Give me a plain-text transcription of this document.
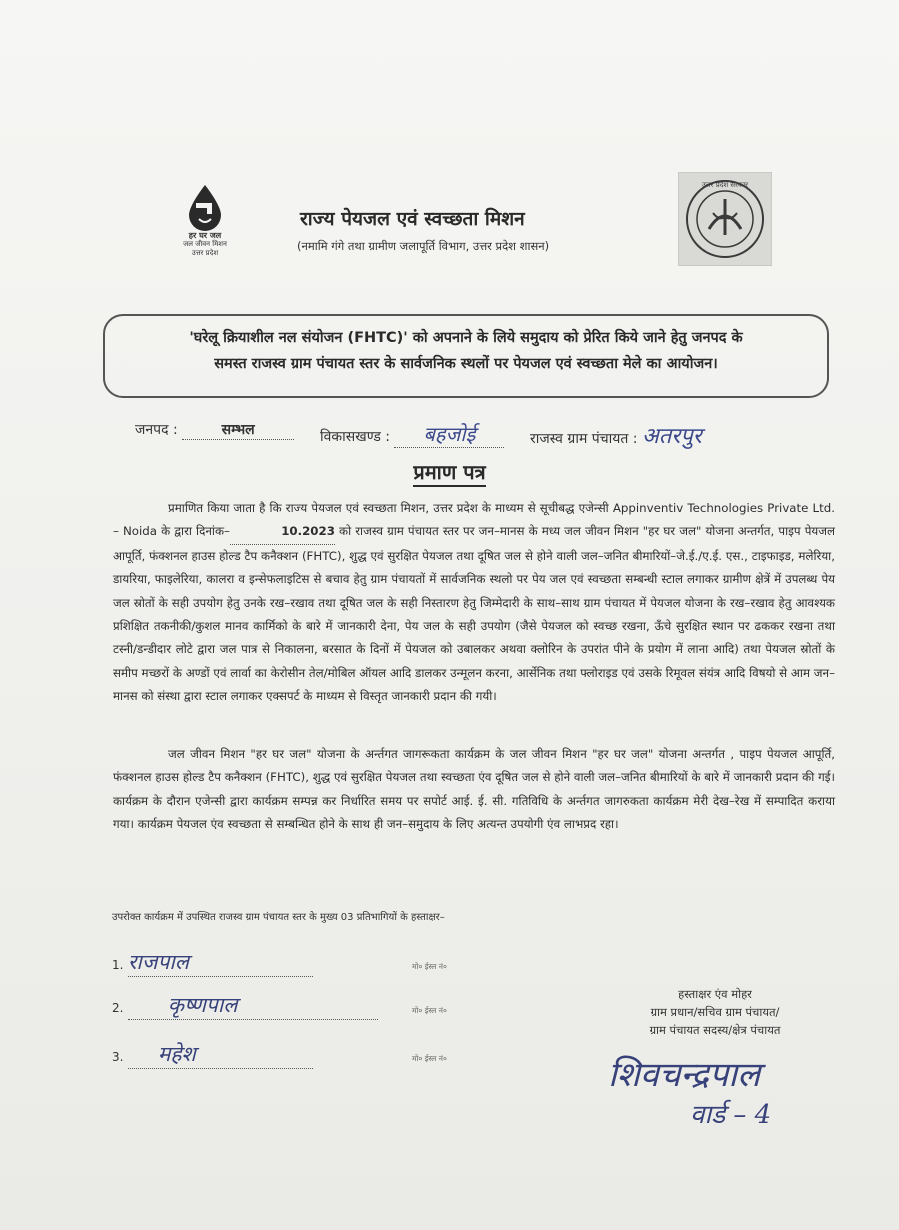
हर घर जल
जल जीवन मिशन
उत्तर प्रदेश
राज्य पेयजल एवं स्वच्छता मिशन
(नमामि गंगे तथा ग्रामीण जलापूर्ति विभाग, उत्तर प्रदेश शासन)
उत्तर प्रदेश सरकार
'घरेलू क्रियाशील नल संयोजन (FHTC)' को अपनाने के लिये समुदाय को प्रेरित किये जाने हेतु जनपद के
समस्त राजस्व ग्राम पंचायत स्तर के सार्वजनिक स्थलों पर पेयजल एवं स्वच्छता मेले का आयोजन।
जनपद :	सम्भल	विकासखण्ड : बहजोई	राजस्व ग्राम पंचायत : अतरपुर
प्रमाण पत्र
प्रमाणित किया जाता है कि राज्य पेयजल एवं स्वच्छता मिशन, उत्तर प्रदेश के माध्यम से सूचीबद्ध एजेन्सी Appinventiv Technologies Private Ltd. – Noida के द्वारा दिनांक–	10.2023 को राजस्व ग्राम पंचायत स्तर पर जन–मानस के मध्य जल जीवन मिशन "हर घर जल" योजना अन्तर्गत, पाइप पेयजल आपूर्ति, फंक्शनल हाउस होल्ड टैप कनैक्शन (FHTC), शुद्ध एवं सुरक्षित पेयजल तथा दूषित जल से होने वाली जल–जनित बीमारियों–जे.ई./ए.ई. एस., टाइफाइड, मलेरिया, डायरिया, फाइलेरिया, कालरा व इन्सेफलाइटिस से बचाव हेतु ग्राम पंचायतों में सार्वजनिक स्थलो पर पेय जल एवं स्वच्छता सम्बन्धी स्टाल लगाकर ग्रामीण क्षेत्रें में उपलब्ध पेय जल स्रोतों के सही उपयोग हेतु उनके रख–रखाव तथा दूषित जल के सही निस्तारण हेतु जिम्मेदारी के साथ–साथ ग्राम पंचायत में पेयजल योजना के रख–रखाव हेतु आवश्यक प्रशिक्षित तकनीकी/कुशल मानव कार्मिको के बारे में जानकारी देना, पेय जल के सही उपयोग (जैसे पेयजल को स्वच्छ रखना, ऊँचे सुरक्षित स्थान पर ढककर रखना तथा टस्नी/डन्डीदार लोटे द्वारा जल पात्र से निकालना, बरसात के दिनों में पेयजल को उबालकर अथवा क्लोरिन के उपरांत पीने के प्रयोग में लाना आदि) तथा पेयजल स्रोतों के समीप मच्छरों के अण्डों एवं लार्वा का केरोसीन तेल/मोबिल ऑयल आदि डालकर उन्मूलन करना, आर्सेनिक तथा फ्लोराइड एवं उसके रिमूवल संयंत्र आदि विषयो से आम जन–मानस को संस्था द्वारा स्टाल लगाकर एक्सपर्ट के माध्यम से विस्तृत जानकारी प्रदान की गयी।
जल जीवन मिशन "हर घर जल" योजना के अर्न्तगत जागरूकता कार्यक्रम के जल जीवन मिशन "हर घर जल" योजना अन्तर्गत , पाइप पेयजल आपूर्ति, फंक्शनल हाउस होल्ड टैप कनैक्शन (FHTC), शुद्ध एवं सुरक्षित पेयजल तथा स्वच्छता एंव दूषित जल से होने वाली जल–जनित बीमारियों के बारे में जानकारी प्रदान की गई। कार्यक्रम के दौरान एजेन्सी द्वारा कार्यक्रम सम्पन्न कर निर्धारित समय पर सपोर्ट आई. ई. सी. गतिविधि के अर्न्तगत जागरुकता कार्यक्रम मेरी देख–रेख में सम्पादित कराया गया। कार्यक्रम पेयजल एंव स्वच्छता से सम्बन्धित होने के साथ ही जन–समुदाय के लिए अत्यन्त उपयोगी एंव लाभप्रद रहा।
उपरोक्त कार्यक्रम में उपस्थित राजस्व ग्राम पंचायत स्तर के मुख्य 03 प्रतिभागियों के हस्ताक्षर–
1. राजपाल	मो० ईस्ल नं०
2. कृष्णपाल	मो० ईस्ल नं०
3. महेश	मो० ईस्ल नं०
हस्ताक्षर एंव मोहर
ग्राम प्रधान/सचिव ग्राम पंचायत/
ग्राम पंचायत सदस्य/क्षेत्र पंचायत
शिवचन्द्रपाल
वार्ड – 4
